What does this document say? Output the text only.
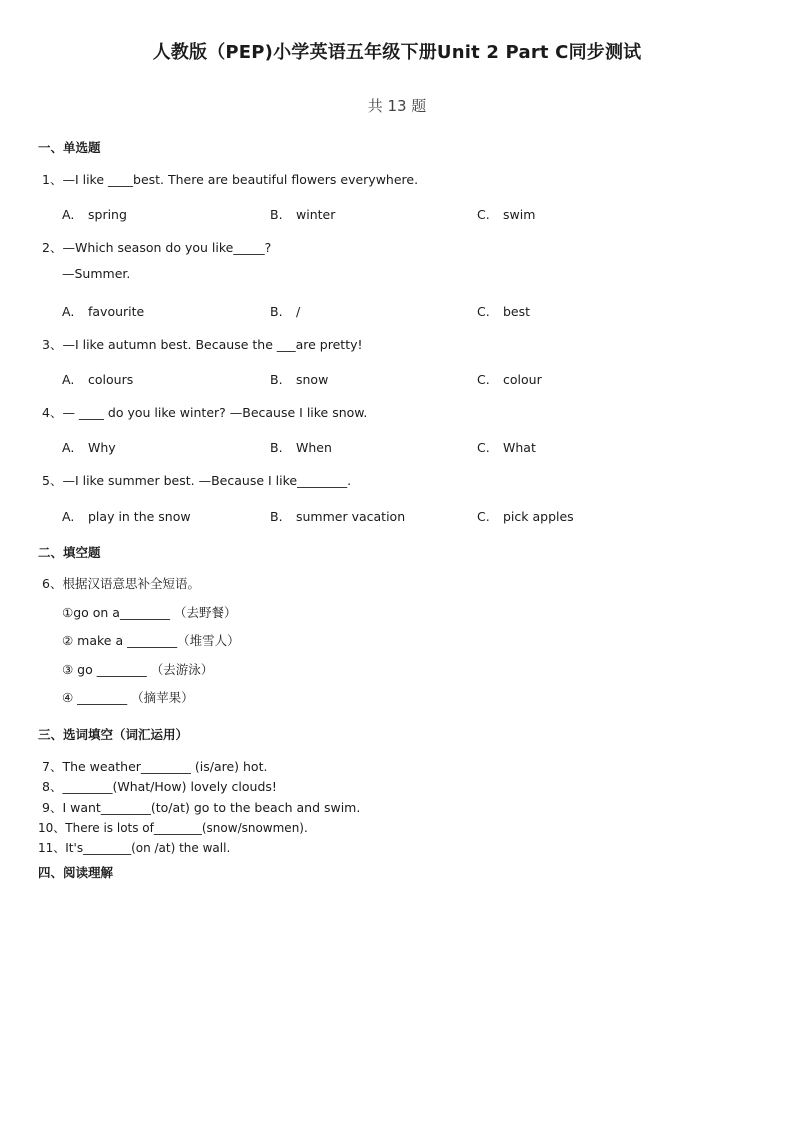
人教版（PEP)小学英语五年级下册Unit 2 Part C同步测试
共 13 题
一、单选题
1、—I like ____best. There are beautiful flowers everywhere.
A. spring	B. winter	C. swim
2、—Which season do you like_____?
—Summer.
A. favourite	B. /	C. best
3、—I like autumn best. Because the ___are pretty!
A. colours	B. snow	C. colour
4、— ____ do you like winter? —Because I like snow.
A. Why	B. When	C. What
5、—I like summer best. —Because I like________.
A. play in the snow	B. summer vacation	C. pick apples
二、填空题
6、根据汉语意思补全短语。
①go on a________ （去野餐）
② make a ________（堆雪人）
③ go ________ （去游泳）
④ ________ （摘苹果）
三、选词填空（词汇运用）
7、The weather________ (is/are) hot.
8、________(What/How) lovely clouds!
9、I want________(to/at) go to the beach and swim.
10、There is lots of________(snow/snowmen).
11、It's________(on /at) the wall.
四、阅读理解
